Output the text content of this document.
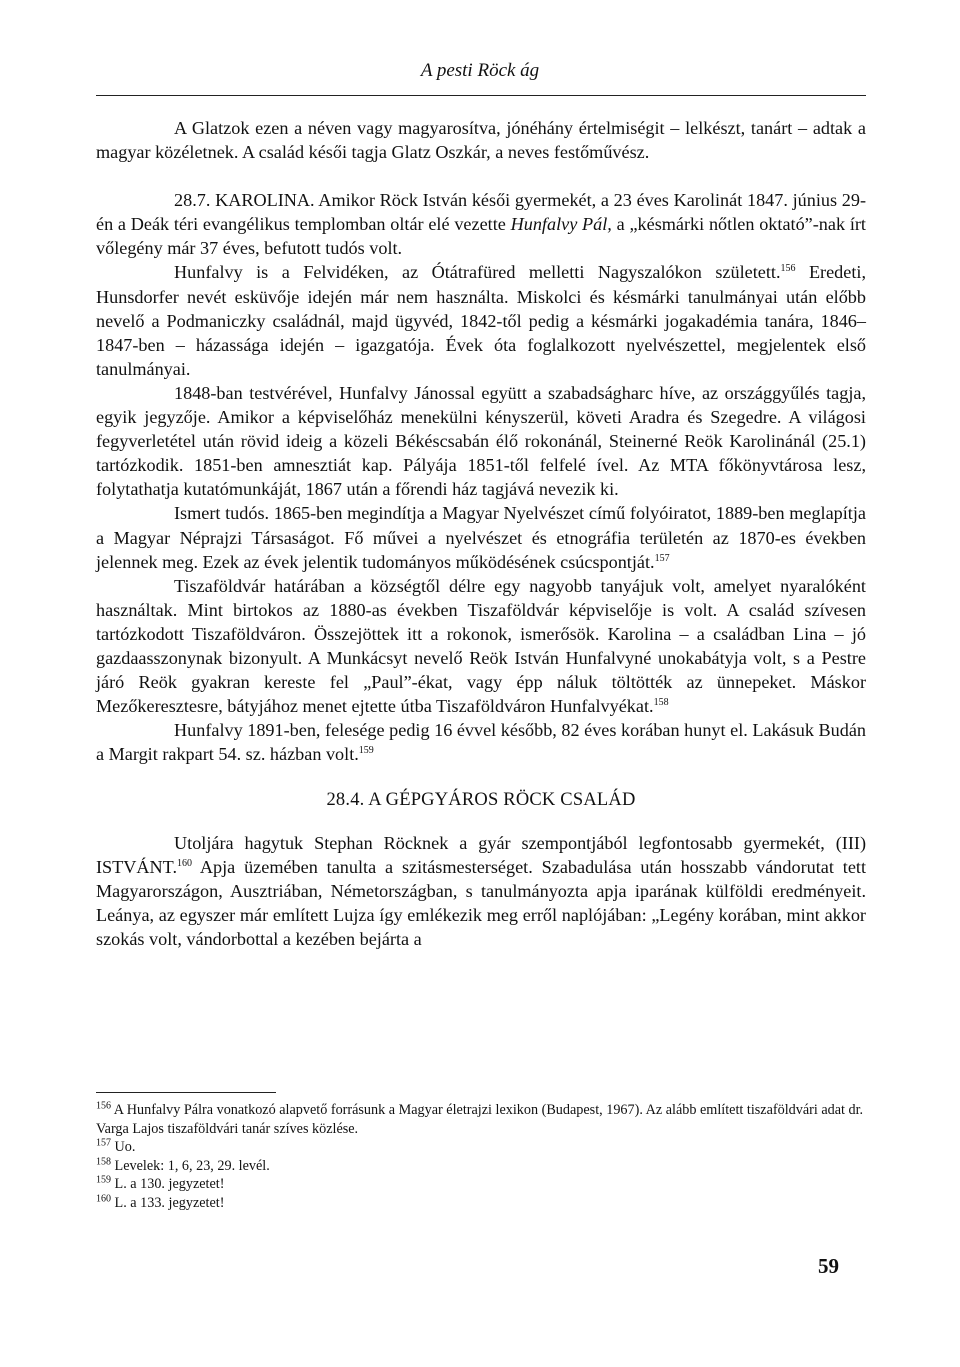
A pesti Röck ág

A Glatzok ezen a néven vagy magyarosítva, jónéhány értelmiségit – lelkészt, tanárt – adtak a magyar közéletnek. A család késői tagja Glatz Oszkár, a neves festőművész.

28.7. KAROLINA. Amikor Röck István késői gyermekét, a 23 éves Karolinát 1847. június 29-én a Deák téri evangélikus templomban oltár elé vezette Hunfalvy Pál, a „késmárki nőtlen oktató”-nak írt vőlegény már 37 éves, befutott tudós volt.

Hunfalvy is a Felvidéken, az Ótátrafüred melletti Nagyszalókon született.$^{156}$ Eredeti, Hunsdorfer nevét esküvője idején már nem használta. Miskolci és késmárki tanulmányai után előbb nevelő a Podmaniczky családnál, majd ügyvéd, 1842-től pedig a késmárki jogakadémia tanára, 1846–1847-ben – házassága idején – igazgatója. Évek óta foglalkozott nyelvészettel, megjelentek első tanulmányai.

1848-ban testvérével, Hunfalvy Jánossal együtt a szabadságharc híve, az országgyűlés tagja, egyik jegyzője. Amikor a képviselőház menekülni kényszerül, követi Aradra és Szegedre. A világosi fegyverletétel után rövid ideig a közeli Békéscsabán élő rokonánál, Steinerné Reök Karolinánál (25.1) tartózkodik. 1851-ben amnesztiát kap. Pályája 1851-től felfelé ível. Az MTA főkönyvtárosa lesz, folytathatja kutatómunkáját, 1867 után a főrendi ház tagjává nevezik ki.

Ismert tudós. 1865-ben megindítja a Magyar Nyelvészet című folyóiratot, 1889-ben meglapítja a Magyar Néprajzi Társaságot. Fő művei a nyelvészet és etnográfia területén az 1870-es években jelennek meg. Ezek az évek jelentik tudományos működésének csúcspontját.$^{157}$

Tiszaföldvár határában a községtől délre egy nagyobb tanyájuk volt, amelyet nyaralóként használtak. Mint birtokos az 1880-as években Tiszaföldvár képviselője is volt. A család szívesen tartózkodott Tiszaföldváron. Összejöttek itt a rokonok, ismerősök. Karolina – a családban Lina – jó gazdaasszonynak bizonyult. A Munkácsyt nevelő Reök István Hunfalvyné unokabátyja volt, s a Pestre járó Reök gyakran kereste fel „Paul”-ékat, vagy épp náluk töltötték az ünnepeket. Máskor Mezőkeresztesre, bátyjához menet ejtette útba Tiszaföldváron Hunfalvyékat.$^{158}$

Hunfalvy 1891-ben, felesége pedig 16 évvel később, 82 éves korában hunyt el. Lakásuk Budán a Margit rakpart 54. sz. házban volt.$^{159}$

28.4. A GÉPGYÁROS RÖCK CSALÁD

Utoljára hagytuk Stephan Röcknek a gyár szempontjából legfontosabb gyermekét, (III) ISTVÁNT.$^{160}$ Apja üzemében tanulta a szitásmesterséget. Szabadulása után hosszabb vándorutat tett Magyarországon, Ausztriában, Németországban, s tanulmányozta apja iparának külföldi eredményeit. Leánya, az egyszer már említett Lujza így emlékezik meg erről naplójában: „Legény korában, mint akkor szokás volt, vándorbottal a kezében bejárta a

$^{156}$ A Hunfalvy Pálra vonatkozó alapvető forrásunk a Magyar életrajzi lexikon (Budapest, 1967). Az alább említett tiszaföldvári adat dr. Varga Lajos tiszaföldvári tanár szíves közlése.

$^{157}$ Uo.

$^{158}$ Levelek: 1, 6, 23, 29. levél.

$^{159}$ L. a 130. jegyzetet!

$^{160}$ L. a 133. jegyzetet!

59
